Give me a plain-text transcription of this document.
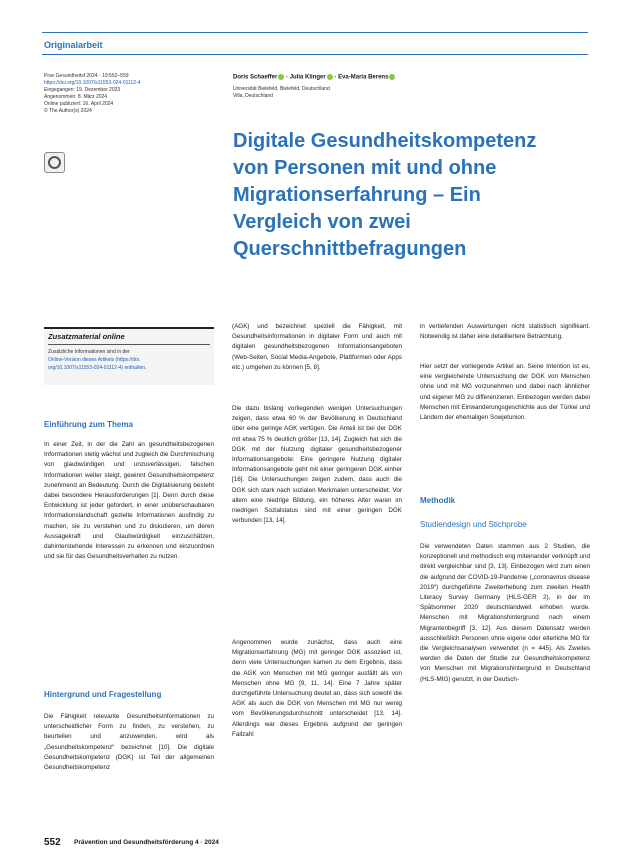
Originalarbeit
Prav Gesundheitsf 2024 · 19:552–559
https://doi.org/10.1007/s11553-024-01112-4
Eingegangen: 19. Dezember 2023
Angenommen: 8. März 2024
Online publiziert: 16. April 2024
© The Author(s) 2024
Doris Schaeffer · Julia Klinger · Eva-Maria Berens
Universität Bielefeld, Bielefeld, Deutschland
Villa, Deutschland
Digitale Gesundheitskompetenz
von Personen mit und ohne
Migrationserfahrung – Ein
Vergleich von zwei
Querschnittbefragungen
Zusatzmaterial online
Zusätzliche Informationen sind in der
Online-Version dieses Artikels (https://doi.
org/10.1007/s11553-024-01112-4) enthalten.
Einführung zum Thema

In einer Zeit, in der die Zahl an gesundheitsbezogenen Informationen stetig wächst und zugleich die Durchmischung von glaubwürdigen und unzuverlässigen, falschen Informationen weiter steigt, gewinnt Gesundheitskompetenz zunehmend an Bedeutung. Durch die Digitalisierung besteht dabei besondere Herausforderungen [1]. Denn durch diese Entwicklung ist jeder gefordert, in einer unüberschaubaren Informationslandschaft gezielte Informationen ausfindig zu machen, sie zu verstehen und zu diskutieren, um deren Aussagekraft und Glaubwürdigkeit einzuschätzen, dahinterstehende Interessen zu erkennen und einzuordnen und sie für das Gesundheitsverhalten zu nutzen.

Hintergrund und Fragestellung

Die Fähigkeit relevante Gesundheitsinformationen zu unterscheidlicher Form zu finden, zu verstehen, zu beurteilen und anzuwenden, wird als „Gesundheitskompetenz“ bezeichnet [10]. Die digitale Gesundheitskompetenz (DGK) ist Teil der allgemeinen Gesundheitskompetenz

(AGK) und bezeichnet speziell die Fähigkeit, mit Gesundheitsinformationen in digitaler Form und auch mit digitalen gesundheitsbezogenen Informationsangeboten (Web-Seiten, Social Media-Angebote, Plattformen oder Apps etc.) umgehen zu können [5, 8].

Die dazu bislang vorliegenden wenigen Untersuchungen zeigen, dass etwa 60 % der Bevölkerung in Deutschland über eine geringe AGK verfügen. Die Anteil ist bei der DGK mit etwa 75 % deutlich größer [13, 14]. Zugleich hat sich die DGK mit der Nutzung digitaler gesundheitsbezogener Informationsangebote: Eine geringere Nutzung digitaler Informationsangebote geht mit einer geringeren DGK einher [16]. Die Untersuchungen zeigen zudem, dass auch die DGK sich stark nach sozialen Merkmalen unterscheidet. Vor allem eine niedrige Bildung, ein höheres Alter waren im niedrigen Sozialstatus sind mit einer geringen DGK verbunden [13, 14].

Angenommen wurde zunächst, dass auch eine Migrationserfahrung (MG) mit geringer DGK assoziiert ist, denn viele Untersuchungen kamen zu dem Ergebnis, dass die AGK von Menschen mit MG geringer ausfällt als von Menschen ohne MG [9, 11, 14]. Eine 7 Jahre später durchgeführte Untersuchung deutet an, dass sich sowohl die AGK als auch die DGK von Menschen mit MG nur wenig vom Bevölkerungsdurchschnitt unterscheidet [13, 14]. Allerdings war dieses Ergebnis aufgrund der geringen Fallzahl

in vertiefenden Auswertungen nicht statistisch signifikant. Notwendig ist daher eine detailliertere Betrachtung.

Hier setzt der vorliegende Artikel an. Seine Intention ist es, eine vergleichende Untersuchung der DGK von Menschen ohne und mit MG vorzunehmen und dabei nach ähnlicher und eigener MG zu differenzieren. Einbezogen werden dabei Menschen mit Einwanderungsgeschichte aus der Türkei und Ländern der ehemaligen Sowjetunion.

Methodik
Studiendesign und Stichprobe

Die verwendeten Daten stammen aus 2 Studien, die konzeptionell und methodisch eng miteinander verknüpft und direkt vergleichbar sind [3, 13]. Einbezogen wird zum einen die aufgrund der COVID-19-Pandemie („coronavirus disease 2019“) durchgeführte Zweiterhebung zum zweiten Health Literacy Survey Germany (HLS-GER 2), in der im Spätsommer 2020 deutschlandweit erhoben wurde. Menschen mit Migrationshintergrund nach einem Migrantenbegriff [3, 12]. Aus diesem Datensatz werden ausschließlich Personen ohne eigene oder elterliche MG für die Vergleichsanalysen verwendet (n = 445). Als Zweites werden die Daten der Studie zur Gesundheitskompetenz von Menschen mit Migrationshintergrund in Deutschland (HLS-MIG) genutzt, in der Deutsch-

552 Prävention und Gesundheitsförderung 4 · 2024
